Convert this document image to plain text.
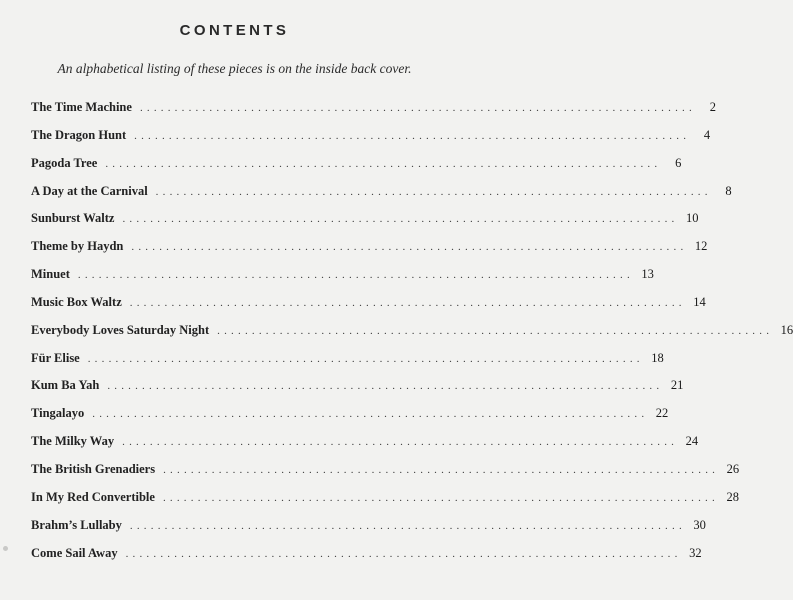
CONTENTS
An alphabetical listing of these pieces is on the inside back cover.
The Time Machine ................................................................................	2
The Dragon Hunt ................................................................................	4
Pagoda Tree ................................................................................	6
A Day at the Carnival ................................................................................	8
Sunburst Waltz ................................................................................ 10
Theme by Haydn ................................................................................ 12
Minuet ................................................................................ 13
Music Box Waltz ................................................................................ 14
Everybody Loves Saturday Night ................................................................................ 16
Für Elise ................................................................................ 18
Kum Ba Yah ................................................................................ 21
Tingalayo ................................................................................ 22
The Milky Way ................................................................................ 24
The British Grenadiers ................................................................................ 26
In My Red Convertible ................................................................................ 28
Brahm’s Lullaby ................................................................................ 30
Come Sail Away ................................................................................ 32
